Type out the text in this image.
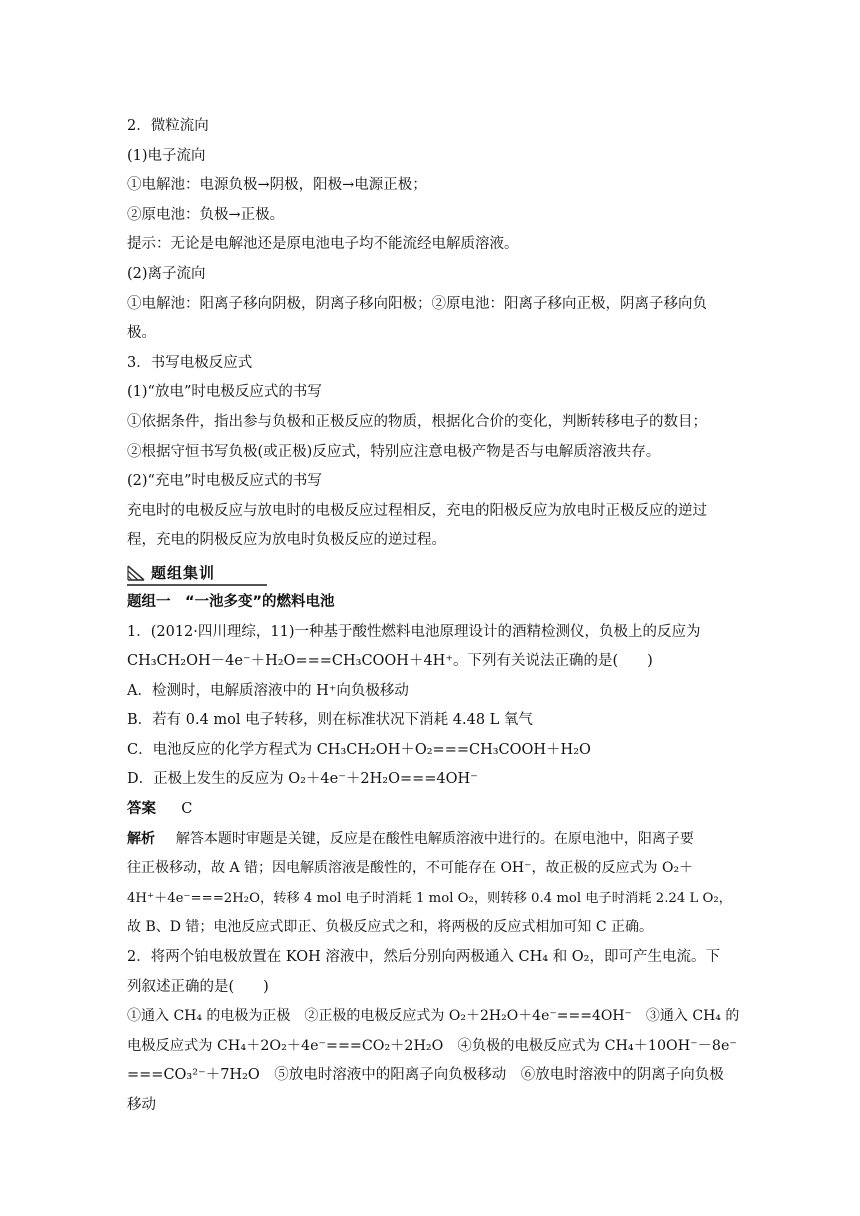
2．微粒流向
(1)电子流向
①电解池：电源负极→阴极，阳极→电源正极；
②原电池：负极→正极。
提示：无论是电解池还是原电池电子均不能流经电解质溶液。
(2)离子流向
①电解池：阳离子移向阴极，阴离子移向阳极；②原电池：阳离子移向正极，阴离子移向负
极。
3．书写电极反应式
(1)“放电”时电极反应式的书写
①依据条件，指出参与负极和正极反应的物质，根据化合价的变化，判断转移电子的数目；
②根据守恒书写负极(或正极)反应式，特别应注意电极产物是否与电解质溶液共存。
(2)“充电”时电极反应式的书写
充电时的电极反应与放电时的电极反应过程相反，充电的阳极反应为放电时正极反应的逆过
程，充电的阴极反应为放电时负极反应的逆过程。
题组集训
题组一　“一池多变”的燃料电池
1．(2012·四川理综，11)一种基于酸性燃料电池原理设计的酒精检测仪，负极上的反应为
CH₃CH₂OH－4e⁻＋H₂O===CH₃COOH＋4H⁺。下列有关说法正确的是(　　)
A．检测时，电解质溶液中的 H⁺向负极移动
B．若有 0.4 mol 电子转移，则在标准状况下消耗 4.48 L 氧气
C．电池反应的化学方程式为 CH₃CH₂OH＋O₂===CH₃COOH＋H₂O
D．正极上发生的反应为 O₂＋4e⁻＋2H₂O===4OH⁻
答案 C
解析 解答本题时审题是关键，反应是在酸性电解质溶液中进行的。在原电池中，阳离子要
往正极移动，故 A 错；因电解质溶液是酸性的，不可能存在 OH⁻，故正极的反应式为 O₂＋
4H⁺＋4e⁻===2H₂O，转移 4 mol 电子时消耗 1 mol O₂，则转移 0.4 mol 电子时消耗 2.24 L O₂，
故 B、D 错；电池反应式即正、负极反应式之和，将两极的反应式相加可知 C 正确。
2．将两个铂电极放置在 KOH 溶液中，然后分别向两极通入 CH₄ 和 O₂，即可产生电流。下
列叙述正确的是(　　)
①通入 CH₄ 的电极为正极　②正极的电极反应式为 O₂＋2H₂O＋4e⁻===4OH⁻　③通入 CH₄ 的
电极反应式为 CH₄＋2O₂＋4e⁻===CO₂＋2H₂O　④负极的电极反应式为 CH₄＋10OH⁻－8e⁻
===CO₃²⁻＋7H₂O　⑤放电时溶液中的阳离子向负极移动　⑥放电时溶液中的阴离子向负极
移动
